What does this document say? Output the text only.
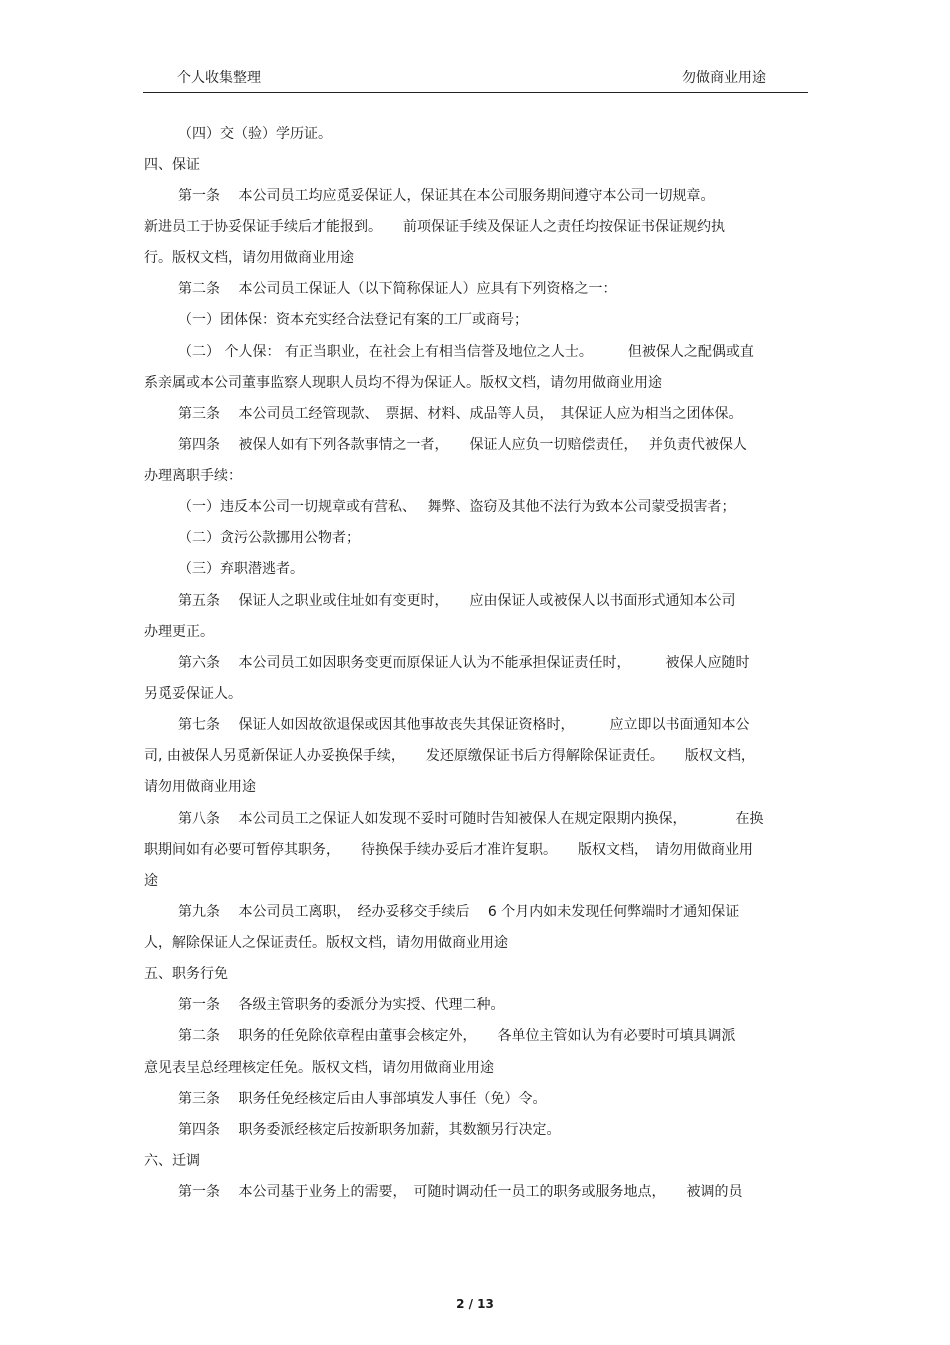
个人收集整理	勿做商业用途
（四）交（验）学历证。
四、保证
第一条　 本公司员工均应觅妥保证人，保证其在本公司服务期间遵守本公司一切规章。
新进员工于协妥保证手续后才能报到。　　前项保证手续及保证人之责任均按保证书保证规约执
行。版权文档，请勿用做商业用途
第二条　 本公司员工保证人（以下简称保证人）应具有下列资格之一：
（一）团体保：资本充实经合法登记有案的工厂或商号；
（二） 个人保： 有正当职业，在社会上有相当信誉及地位之人士。　　　但被保人之配偶或直
系亲属或本公司董事监察人现职人员均不得为保证人。版权文档，请勿用做商业用途
第三条　 本公司员工经管现款、　票据、材料、成品等人员，　其保证人应为相当之团体保。
第四条　 被保人如有下列各款事情之一者，　　保证人应负一切赔偿责任，　 并负责代被保人
办理离职手续：
（一）违反本公司一切规章或有营私、　 舞弊、盗窃及其他不法行为致本公司蒙受损害者；
（二）贪污公款挪用公物者；
（三）弃职潜逃者。
第五条　 保证人之职业或住址如有变更时，　　应由保证人或被保人以书面形式通知本公司
办理更正。
第六条　 本公司员工如因职务变更而原保证人认为不能承担保证责任时，　　　被保人应随时
另觅妥保证人。
第七条　 保证人如因故欲退保或因其他事故丧失其保证资格时，　　　应立即以书面通知本公
司, 由被保人另觅新保证人办妥换保手续，　　发还原缴保证书后方得解除保证责任。　　版权文档，
请勿用做商业用途
第八条　 本公司员工之保证人如发现不妥时可随时告知被保人在规定限期内换保，　　　　在换
职期间如有必要可暂停其职务，　　待换保手续办妥后才准许复职。　　版权文档，　请勿用做商业用
途
第九条　 本公司员工离职，　经办妥移交手续后　 6 个月内如未发现任何弊端时才通知保证
人，解除保证人之保证责任。版权文档，请勿用做商业用途
五、职务行免
第一条　 各级主管职务的委派分为实授、代理二种。
第二条　 职务的任免除依章程由董事会核定外，　　各单位主管如认为有必要时可填具调派
意见表呈总经理核定任免。版权文档，请勿用做商业用途
第三条　 职务任免经核定后由人事部填发人事任（免）令。
第四条　 职务委派经核定后按新职务加薪，其数额另行决定。
六、迁调
第一条　 本公司基于业务上的需要，　可随时调动任一员工的职务或服务地点，　　被调的员
2 / 13
